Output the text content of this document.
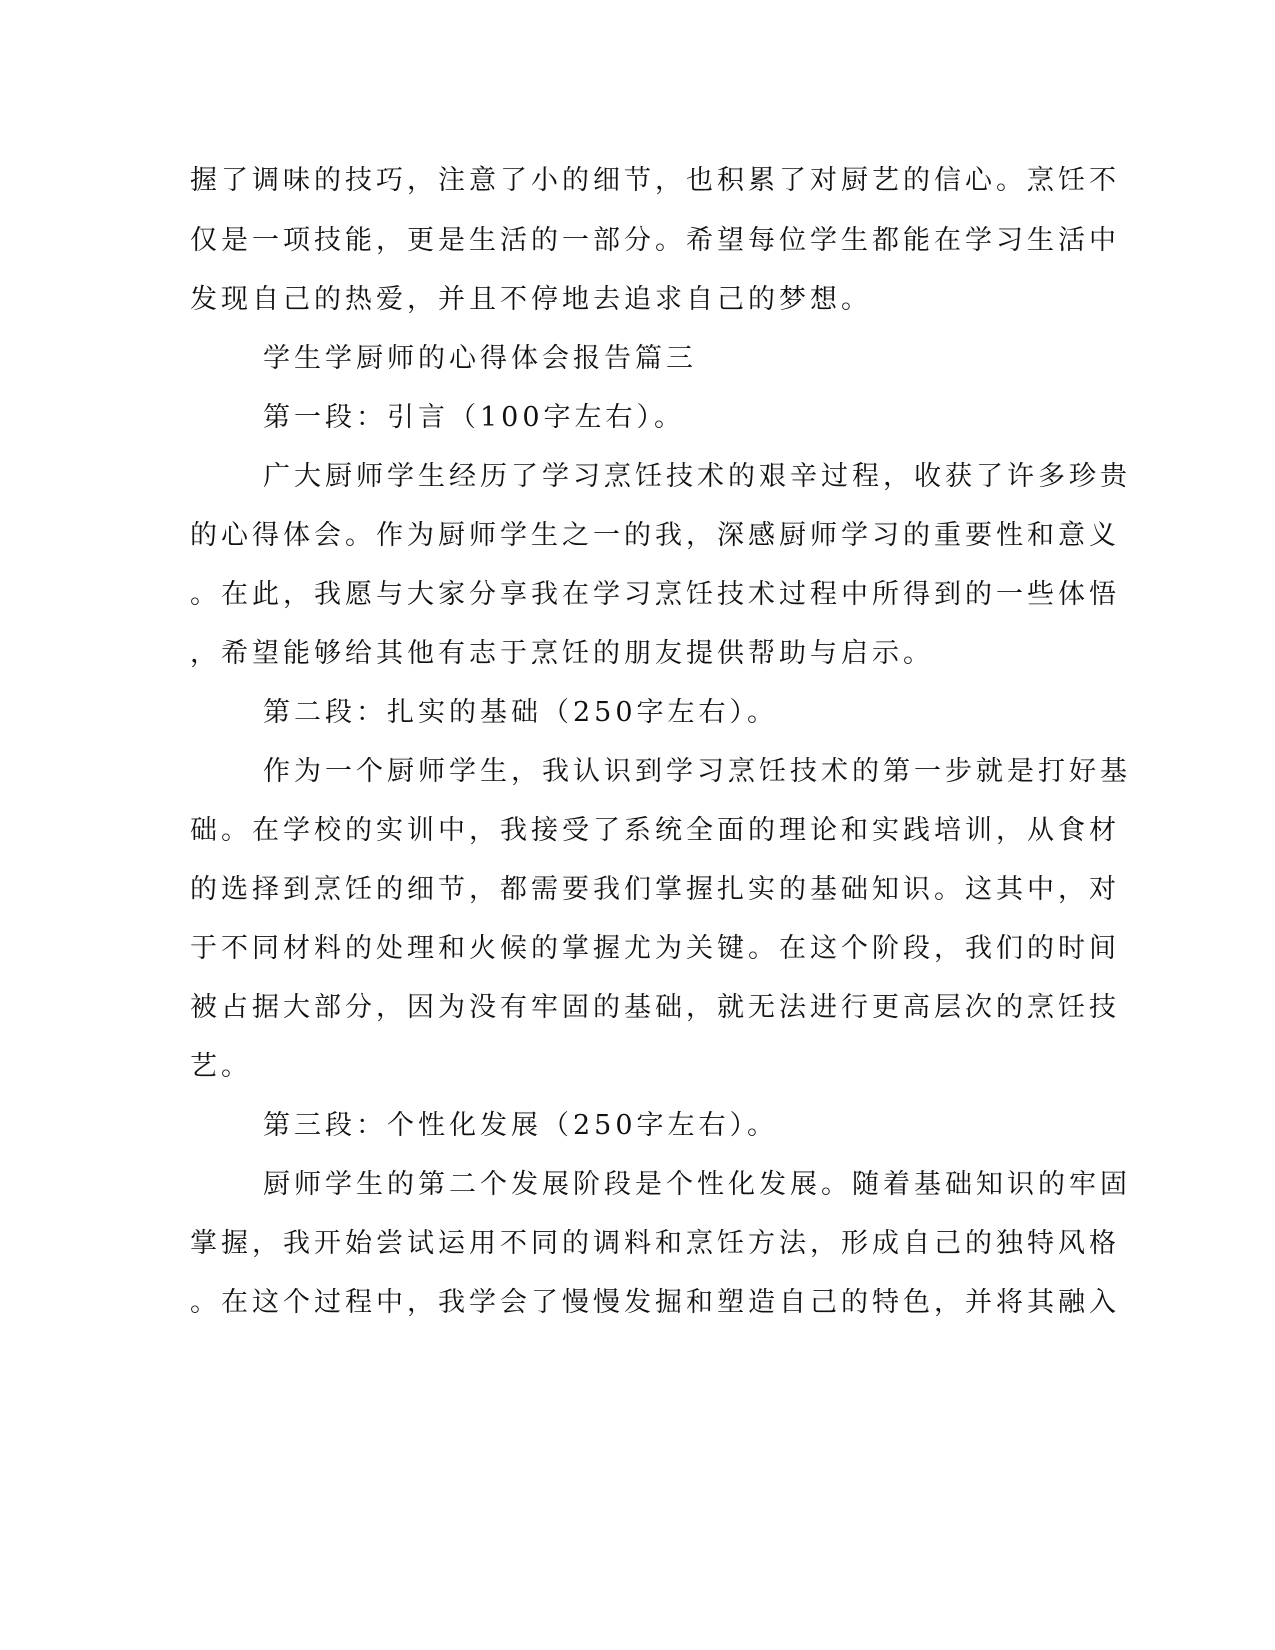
握了调味的技巧，注意了小的细节，也积累了对厨艺的信心。烹饪不
仅是一项技能，更是生活的一部分。希望每位学生都能在学习生活中
发现自己的热爱，并且不停地去追求自己的梦想。
学生学厨师的心得体会报告篇三
第一段：引言（100字左右）。
广大厨师学生经历了学习烹饪技术的艰辛过程，收获了许多珍贵
的心得体会。作为厨师学生之一的我，深感厨师学习的重要性和意义
。在此，我愿与大家分享我在学习烹饪技术过程中所得到的一些体悟
，希望能够给其他有志于烹饪的朋友提供帮助与启示。
第二段：扎实的基础（250字左右）。
作为一个厨师学生，我认识到学习烹饪技术的第一步就是打好基
础。在学校的实训中，我接受了系统全面的理论和实践培训，从食材
的选择到烹饪的细节，都需要我们掌握扎实的基础知识。这其中，对
于不同材料的处理和火候的掌握尤为关键。在这个阶段，我们的时间
被占据大部分，因为没有牢固的基础，就无法进行更高层次的烹饪技
艺。
第三段：个性化发展（250字左右）。
厨师学生的第二个发展阶段是个性化发展。随着基础知识的牢固
掌握，我开始尝试运用不同的调料和烹饪方法，形成自己的独特风格
。在这个过程中，我学会了慢慢发掘和塑造自己的特色，并将其融入
